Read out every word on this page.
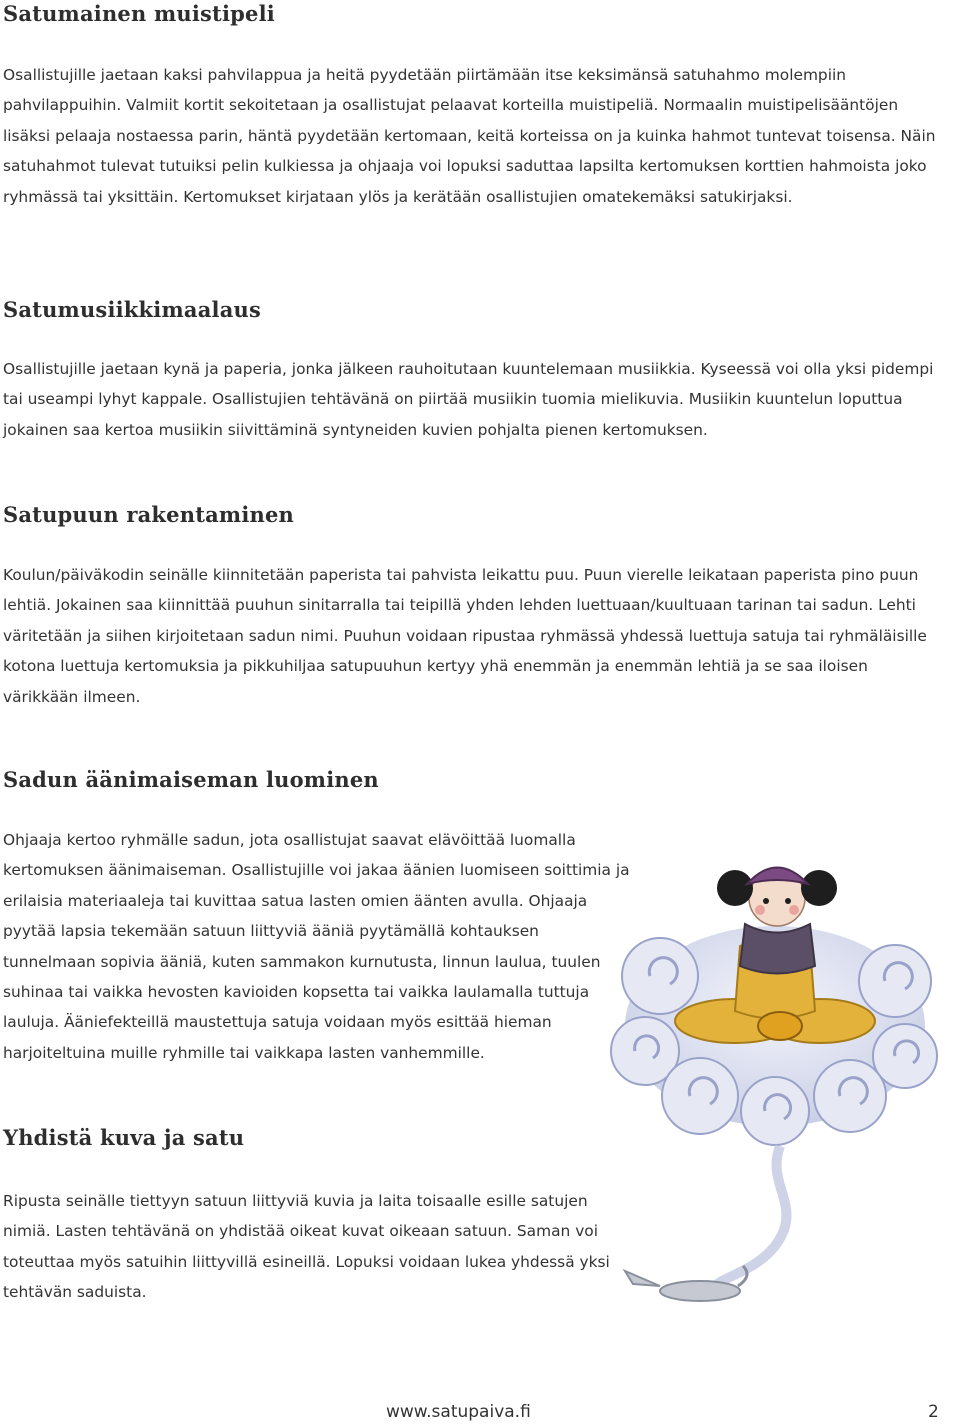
Satumainen muistipeli

Osallistujille jaetaan kaksi pahvilappua ja heitä pyydetään piirtämään itse keksimänsä satuhahmo molempiin pahvilappuihin. Valmiit kortit sekoitetaan ja osallistujat pelaavat korteilla muistipeliä. Normaalin muistipelisääntöjen lisäksi pelaaja nostaessa parin, häntä pyydetään kertomaan, keitä korteissa on ja kuinka hahmot tuntevat toisensa. Näin satuhahmot tulevat tutuiksi pelin kulkiessa ja ohjaaja voi lopuksi saduttaa lapsilta kertomuksen korttien hahmoista joko ryhmässä tai yksittäin. Kertomukset kirjataan ylös ja kerätään osallistujien omatekemäksi satukirjaksi.

Satumusiikkimaalaus

Osallistujille jaetaan kynä ja paperia, jonka jälkeen rauhoitutaan kuuntelemaan musiikkia. Kyseessä voi olla yksi pidempi tai useampi lyhyt kappale. Osallistujien tehtävänä on piirtää musiikin tuomia mielikuvia. Musiikin kuuntelun loputtua jokainen saa kertoa musiikin siivittäminä syntyneiden kuvien pohjalta pienen kertomuksen.

Satupuun rakentaminen

Koulun/päiväkodin seinälle kiinnitetään paperista tai pahvista leikattu puu. Puun vierelle leikataan paperista pino puun lehtiä. Jokainen saa kiinnittää puuhun sinitarralla tai teipillä yhden lehden luettuaan/kuultuaan tarinan tai sadun. Lehti väritetään ja siihen kirjoitetaan sadun nimi. Puuhun voidaan ripustaa ryhmässä yhdessä luettuja satuja tai ryhmäläisille kotona luettuja kertomuksia ja pikkuhiljaa satupuuhun kertyy yhä enemmän ja enemmän lehtiä ja se saa iloisen värikkään ilmeen.

Sadun äänimaiseman luominen

Ohjaaja kertoo ryhmälle sadun, jota osallistujat saavat elävöittää luomalla kertomuksen äänimaiseman. Osallistujille voi jakaa äänien luomiseen soittimia ja erilaisia materiaaleja tai kuvittaa satua lasten omien äänten avulla. Ohjaaja pyytää lapsia tekemään satuun liittyviä ääniä pyytämällä kohtauksen tunnelmaan sopivia ääniä, kuten sammakon kurnutusta, linnun laulua, tuulen suhinaa tai vaikka hevosten kavioiden kopsetta tai vaikka laulamalla tuttuja lauluja. Ääniefekteillä maustettuja satuja voidaan myös esittää hieman harjoiteltuina muille ryhmille tai vaikkapa lasten vanhemmille.

Yhdistä kuva ja satu

Ripusta seinälle tiettyyn satuun liittyviä kuvia ja laita toisaalle esille satujen nimiä. Lasten tehtävänä on yhdistää oikeat kuvat oikeaan satuun. Saman voi toteuttaa myös satuihin liittyvillä esineillä. Lopuksi voidaan lukea yhdessä yksi tehtävän saduista.

www.satupaiva.fi	2
